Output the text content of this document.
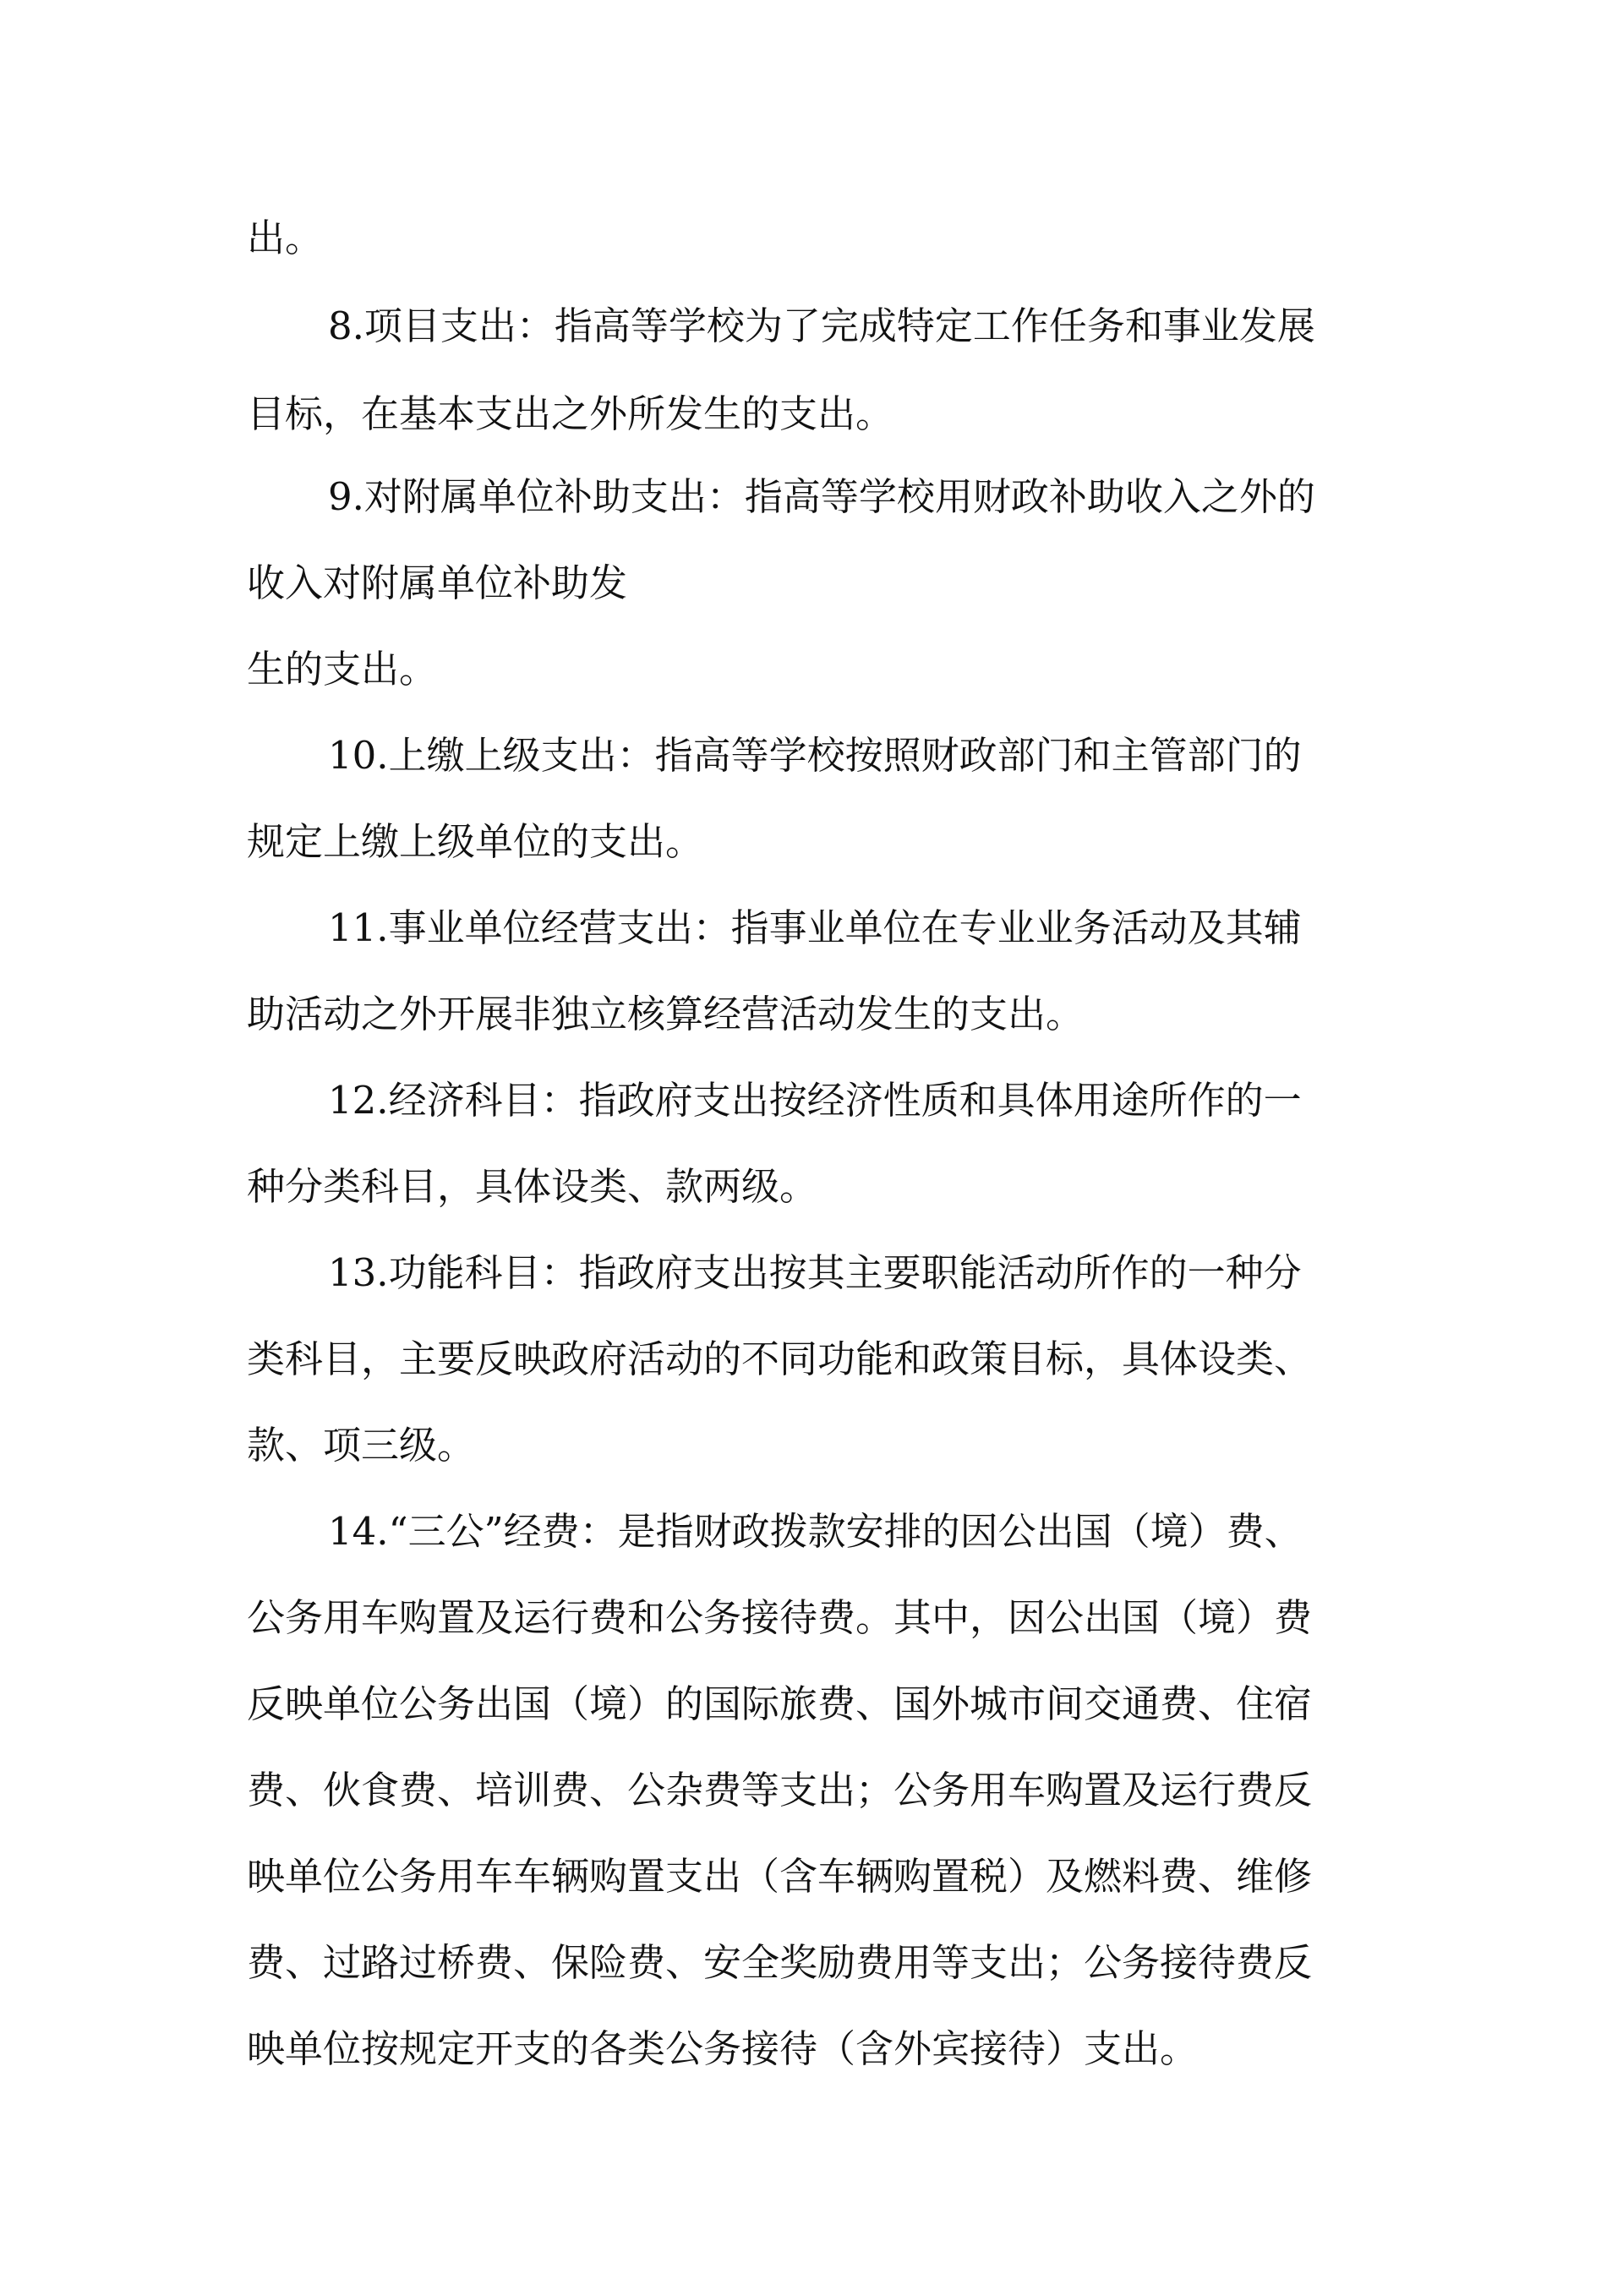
出。

8.项目支出：指高等学校为了完成特定工作任务和事业发展

目标，在基本支出之外所发生的支出。

9.对附属单位补助支出：指高等学校用财政补助收入之外的

收入对附属单位补助发

生的支出。

10.上缴上级支出：指高等学校按照财政部门和主管部门的

规定上缴上级单位的支出。

11.事业单位经营支出：指事业单位在专业业务活动及其辅

助活动之外开展非独立核算经营活动发生的支出。

12.经济科目：指政府支出按经济性质和具体用途所作的一

种分类科目，具体设类、款两级。

13.功能科目：指政府支出按其主要职能活动所作的一种分

类科目，主要反映政府活动的不同功能和政策目标，具体设类、

款、项三级。

14.“三公”经费：是指财政拨款安排的因公出国（境）费、

公务用车购置及运行费和公务接待费。其中，因公出国（境）费

反映单位公务出国（境）的国际旅费、国外城市间交通费、住宿

费、伙食费、培训费、公杂费等支出；公务用车购置及运行费反

映单位公务用车车辆购置支出（含车辆购置税）及燃料费、维修

费、过路过桥费、保险费、安全奖励费用等支出；公务接待费反

映单位按规定开支的各类公务接待（含外宾接待）支出。
